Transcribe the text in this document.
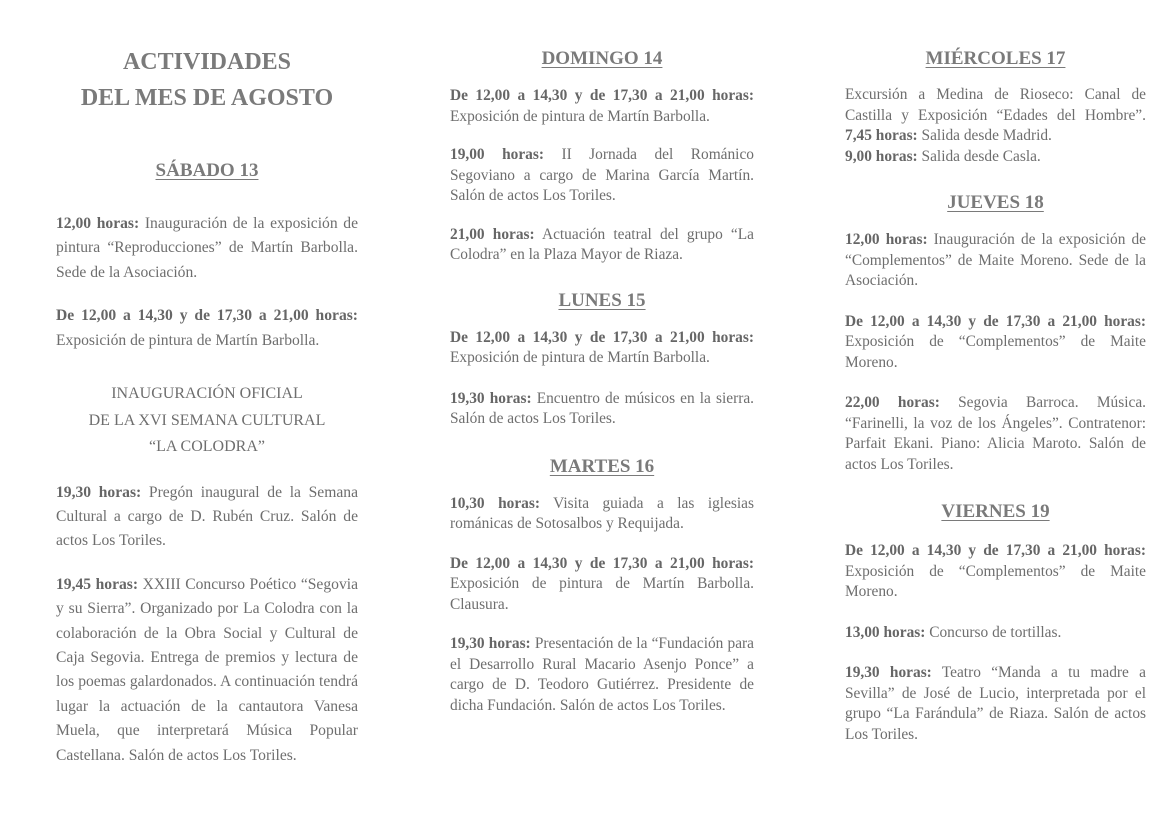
ACTIVIDADES
DEL MES DE AGOSTO
SÁBADO 13

12,00 horas: Inauguración de la exposición de pintura “Reproducciones” de Martín Barbolla. Sede de la Asociación.

De 12,00 a 14,30 y de 17,30 a 21,00 horas: Exposición de pintura de Martín Barbolla.

INAUGURACIÓN OFICIAL

DE LA XVI SEMANA CULTURAL

“LA COLODRA”

19,30 horas: Pregón inaugural de la Semana Cultural a cargo de D. Rubén Cruz. Salón de actos Los Toriles.

19,45 horas: XXIII Concurso Poético “Segovia y su Sierra”. Organizado por La Colodra con la colaboración de la Obra Social y Cultural de Caja Segovia. Entrega de premios y lectura de los poemas galardonados. A continuación tendrá lugar la actuación de la cantautora Vanesa Muela, que interpretará Música Popular Castellana. Salón de actos Los Toriles.

DOMINGO 14

De 12,00 a 14,30 y de 17,30 a 21,00 horas: Exposición de pintura de Martín Barbolla.

19,00 horas: II Jornada del Románico Segoviano a cargo de Marina García Martín. Salón de actos Los Toriles.

21,00 horas: Actuación teatral del grupo “La Colodra” en la Plaza Mayor de Riaza.

LUNES 15

De 12,00 a 14,30 y de 17,30 a 21,00 horas: Exposición de pintura de Martín Barbolla.

19,30 horas: Encuentro de músicos en la sierra. Salón de actos Los Toriles.

MARTES 16

10,30 horas: Visita guiada a las iglesias románicas de Sotosalbos y Requijada.

De 12,00 a 14,30 y de 17,30 a 21,00 horas: Exposición de pintura de Martín Barbolla. Clausura.

19,30 horas: Presentación de la “Fundación para el Desarrollo Rural Macario Asenjo Ponce” a cargo de D. Teodoro Gutiérrez. Presidente de dicha Fundación. Salón de actos Los Toriles.

MIÉRCOLES 17

Excursión a Medina de Rioseco: Canal de Castilla y Exposición “Edades del Hombre”. 7,45 horas: Salida desde Madrid.
9,00 horas: Salida desde Casla.

JUEVES 18

12,00 horas: Inauguración de la exposición de “Complementos” de Maite Moreno. Sede de la Asociación.

De 12,00 a 14,30 y de 17,30 a 21,00 horas: Exposición de “Complementos” de Maite Moreno.

22,00 horas: Segovia Barroca. Música. “Farinelli, la voz de los Ángeles”. Contratenor: Parfait Ekani. Piano: Alicia Maroto. Salón de actos Los Toriles.

VIERNES 19

De 12,00 a 14,30 y de 17,30 a 21,00 horas: Exposición de “Complementos” de Maite Moreno.

13,00 horas: Concurso de tortillas.

19,30 horas: Teatro “Manda a tu madre a Sevilla” de José de Lucio, interpretada por el grupo “La Farándula” de Riaza. Salón de actos Los Toriles.
